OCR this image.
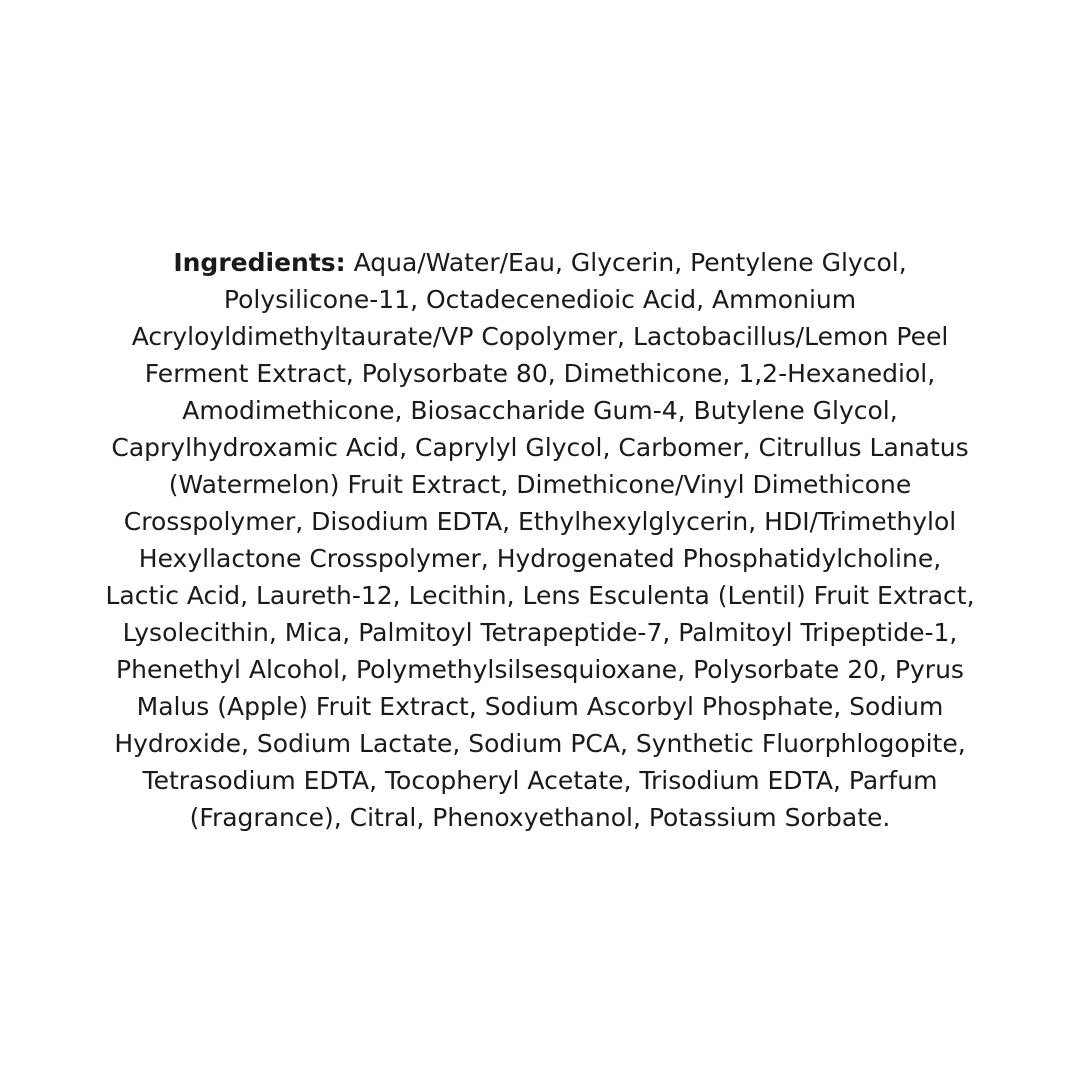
Ingredients: Aqua/Water/Eau, Glycerin, Pentylene Glycol,
Polysilicone-11, Octadecenedioic Acid, Ammonium
Acryloyldimethyltaurate/VP Copolymer, Lactobacillus/Lemon Peel
Ferment Extract, Polysorbate 80, Dimethicone, 1,2-Hexanediol,
Amodimethicone, Biosaccharide Gum-4, Butylene Glycol,
Caprylhydroxamic Acid, Caprylyl Glycol, Carbomer, Citrullus Lanatus
(Watermelon) Fruit Extract, Dimethicone/Vinyl Dimethicone
Crosspolymer, Disodium EDTA, Ethylhexylglycerin, HDI/Trimethylol
Hexyllactone Crosspolymer, Hydrogenated Phosphatidylcholine,
Lactic Acid, Laureth-12, Lecithin, Lens Esculenta (Lentil) Fruit Extract,
Lysolecithin, Mica, Palmitoyl Tetrapeptide-7, Palmitoyl Tripeptide-1,
Phenethyl Alcohol, Polymethylsilsesquioxane, Polysorbate 20, Pyrus
Malus (Apple) Fruit Extract, Sodium Ascorbyl Phosphate, Sodium
Hydroxide, Sodium Lactate, Sodium PCA, Synthetic Fluorphlogopite,
Tetrasodium EDTA, Tocopheryl Acetate, Trisodium EDTA, Parfum
(Fragrance), Citral, Phenoxyethanol, Potassium Sorbate.
